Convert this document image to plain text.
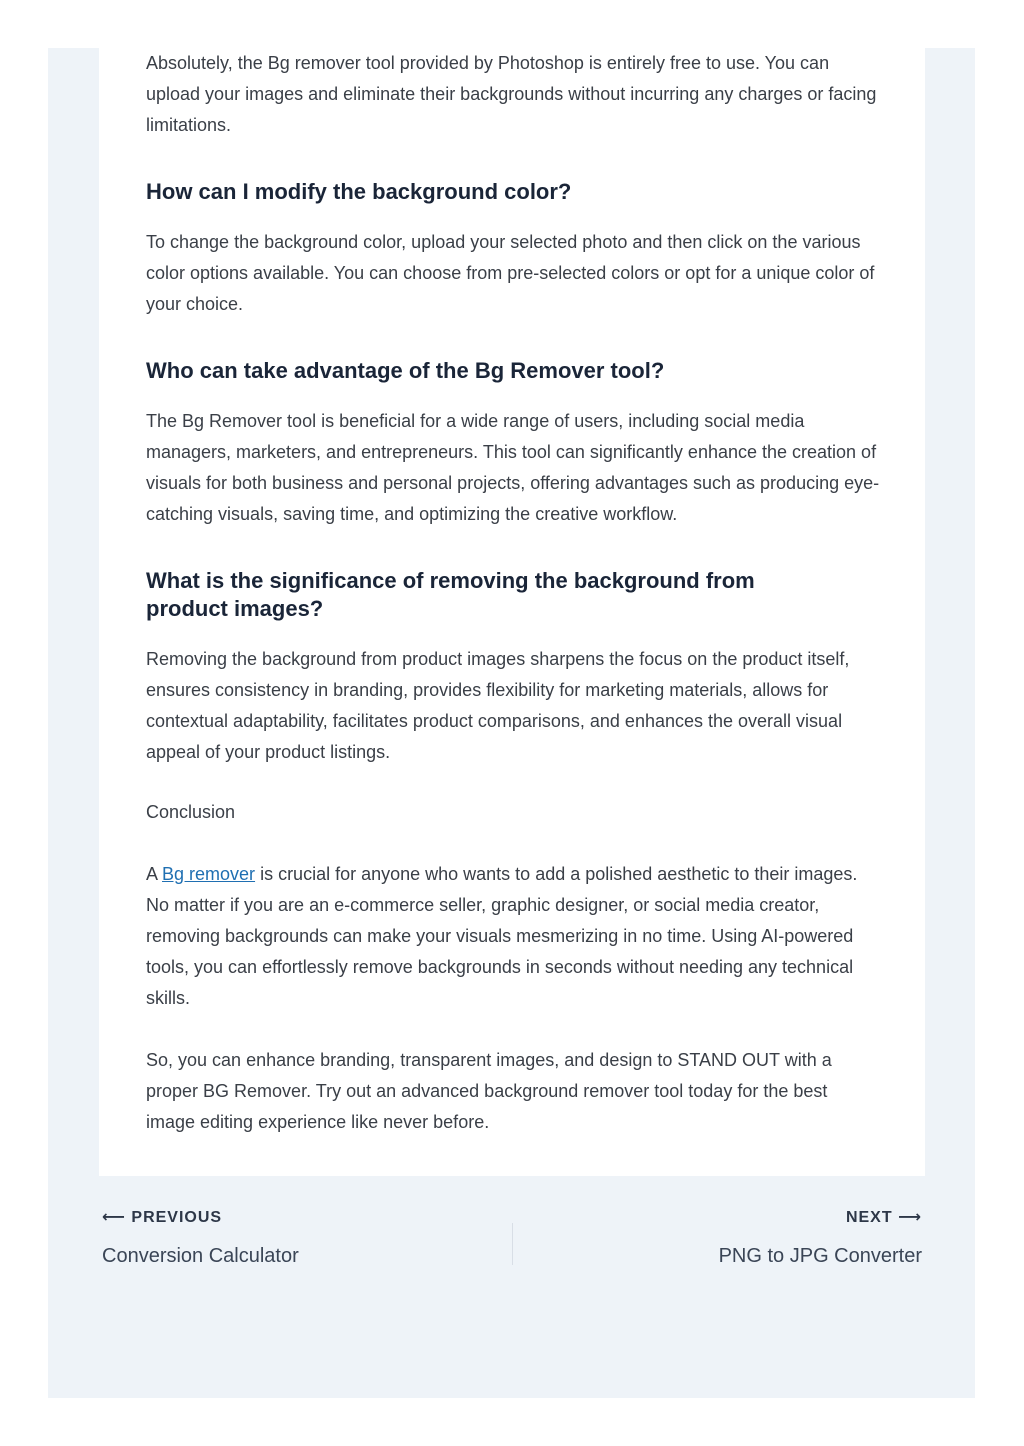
Absolutely, the Bg remover tool provided by Photoshop is entirely free to use. You can upload your images and eliminate their backgrounds without incurring any charges or facing limitations.

How can I modify the background color?

To change the background color, upload your selected photo and then click on the various color options available. You can choose from pre-selected colors or opt for a unique color of your choice.

Who can take advantage of the Bg Remover tool?

The Bg Remover tool is beneficial for a wide range of users, including social media managers, marketers, and entrepreneurs. This tool can significantly enhance the creation of visuals for both business and personal projects, offering advantages such as producing eye-catching visuals, saving time, and optimizing the creative workflow.

What is the significance of removing the background from product images?

Removing the background from product images sharpens the focus on the product itself, ensures consistency in branding, provides flexibility for marketing materials, allows for contextual adaptability, facilitates product comparisons, and enhances the overall visual appeal of your product listings.

Conclusion

A Bg remover is crucial for anyone who wants to add a polished aesthetic to their images. No matter if you are an e-commerce seller, graphic designer, or social media creator, removing backgrounds can make your visuals mesmerizing in no time. Using AI-powered tools, you can effortlessly remove backgrounds in seconds without needing any technical skills.

So, you can enhance branding, transparent images, and design to STAND OUT with a proper BG Remover. Try out an advanced background remover tool today for the best image editing experience like never before.

⟵ PREVIOUS
Conversion Calculator
NEXT ⟶
PNG to JPG Converter
